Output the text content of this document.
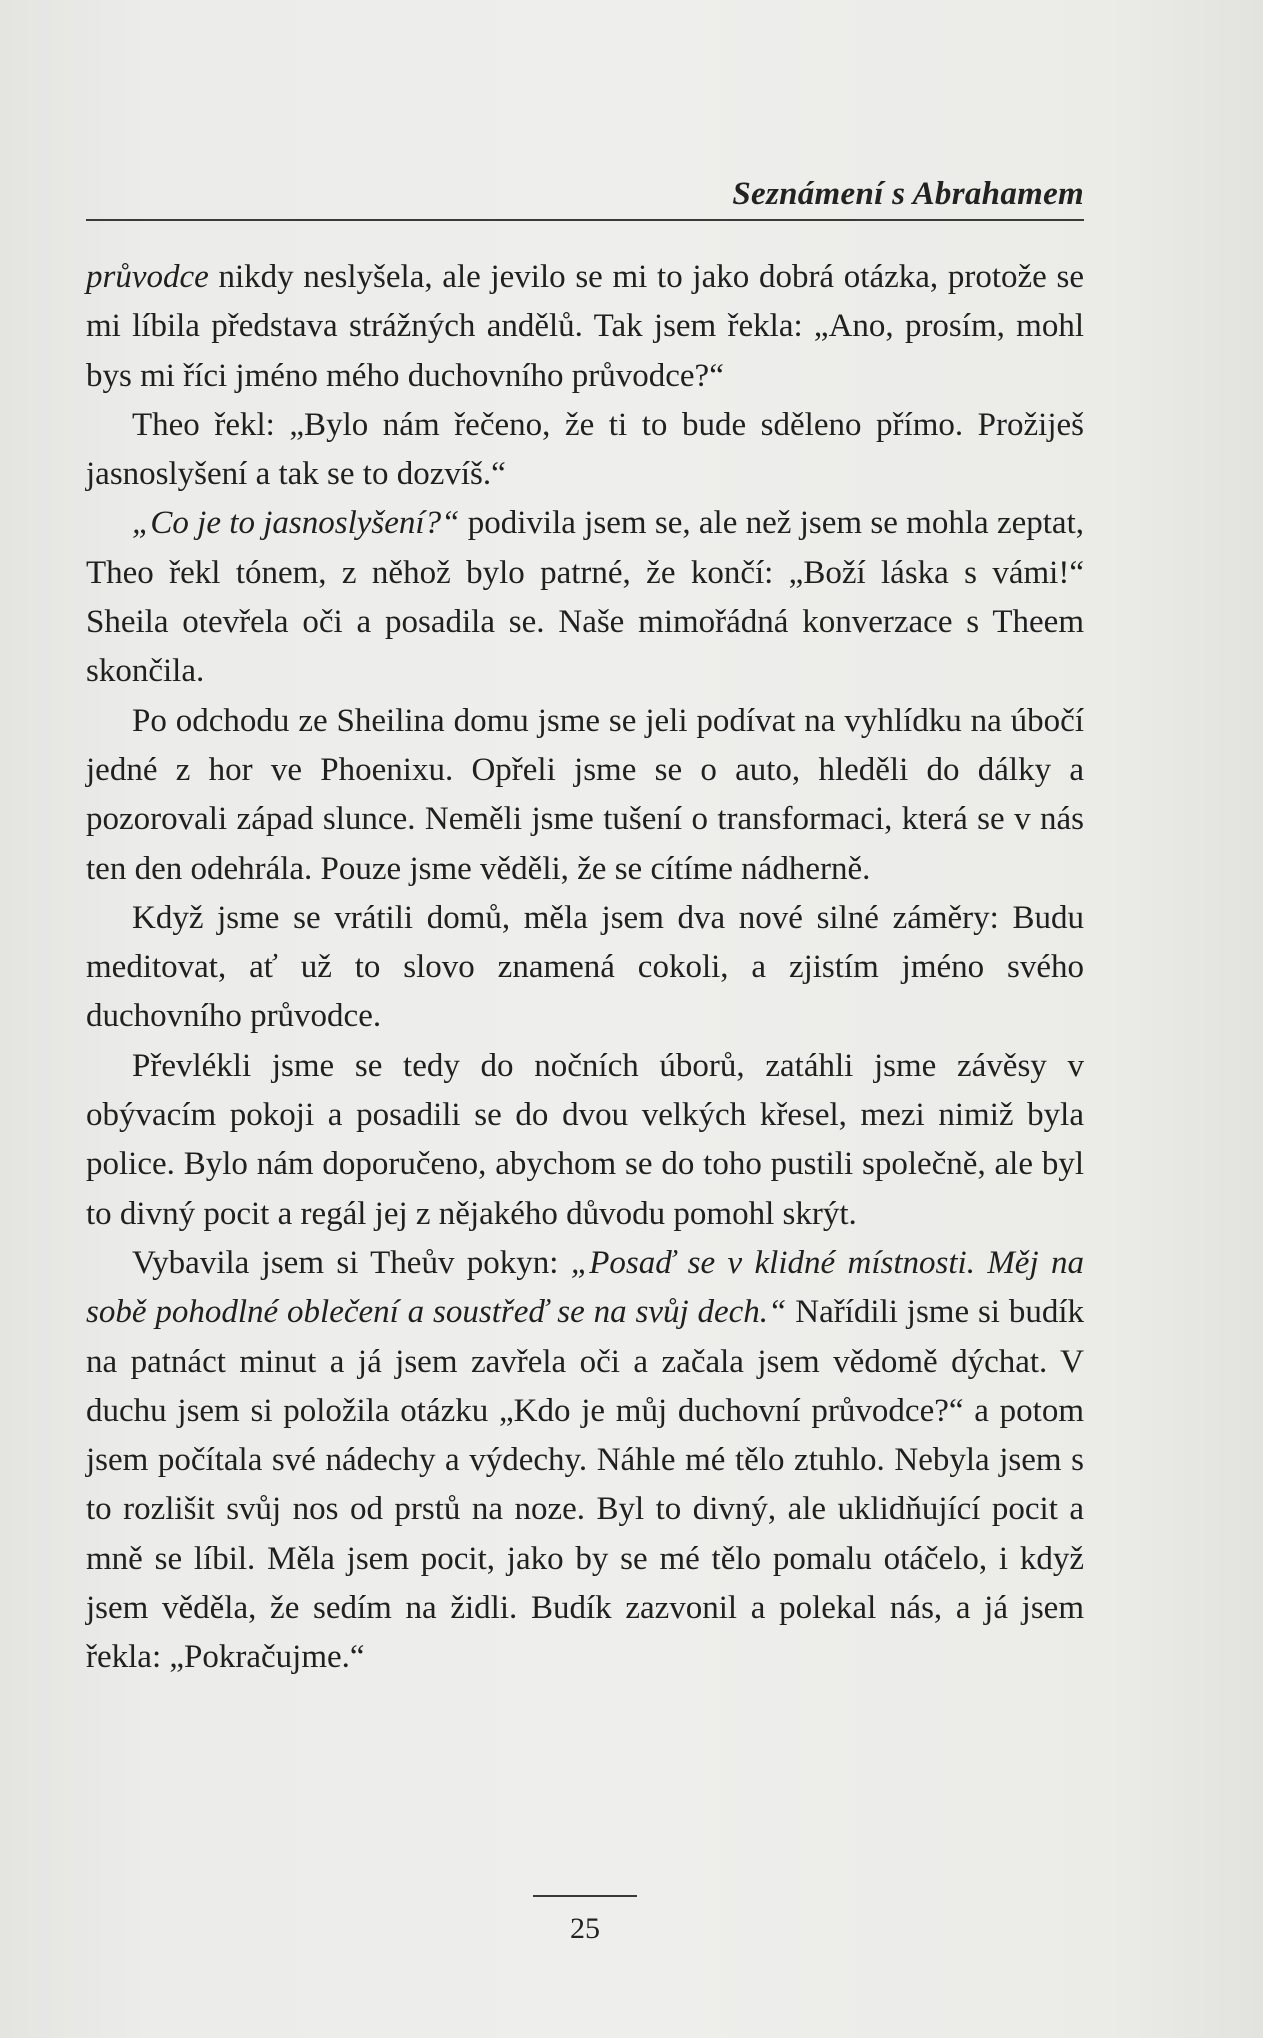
Seznámení s Abrahamem

průvodce nikdy neslyšela, ale jevilo se mi to jako dobrá otázka, protože se mi líbila představa strážných andělů. Tak jsem řekla: „Ano, prosím, mohl bys mi říci jméno mého duchovního průvodce?“

Theo řekl: „Bylo nám řečeno, že ti to bude sděleno přímo. Prožiješ jasnoslyšení a tak se to dozvíš.“

„Co je to jasnoslyšení?“ podivila jsem se, ale než jsem se mohla zeptat, Theo řekl tónem, z něhož bylo patrné, že končí: „Boží láska s vámi!“ Sheila otevřela oči a posadila se. Naše mimořádná konverzace s Theem skončila.

Po odchodu ze Sheilina domu jsme se jeli podívat na vyhlídku na úbočí jedné z hor ve Phoenixu. Opřeli jsme se o auto, hleděli do dálky a pozorovali západ slunce. Neměli jsme tušení o transformaci, která se v nás ten den odehrála. Pouze jsme věděli, že se cítíme nádherně.

Když jsme se vrátili domů, měla jsem dva nové silné záměry: Budu meditovat, ať už to slovo znamená cokoli, a zjistím jméno svého duchovního průvodce.

Převlékli jsme se tedy do nočních úborů, zatáhli jsme závěsy v obývacím pokoji a posadili se do dvou velkých křesel, mezi nimiž byla police. Bylo nám doporučeno, abychom se do toho pustili společně, ale byl to divný pocit a regál jej z nějakého důvodu pomohl skrýt.

Vybavila jsem si Theův pokyn: „Posaď se v klidné místnosti. Měj na sobě pohodlné oblečení a soustřeď se na svůj dech.“ Nařídili jsme si budík na patnáct minut a já jsem zavřela oči a začala jsem vědomě dýchat. V duchu jsem si položila otázku „Kdo je můj duchovní průvodce?“ a potom jsem počítala své nádechy a výdechy. Náhle mé tělo ztuhlo. Nebyla jsem s to rozlišit svůj nos od prstů na noze. Byl to divný, ale uklidňující pocit a mně se líbil. Měla jsem pocit, jako by se mé tělo pomalu otáčelo, i když jsem věděla, že sedím na židli. Budík zazvonil a polekal nás, a já jsem řekla: „Pokračujme.“

25
